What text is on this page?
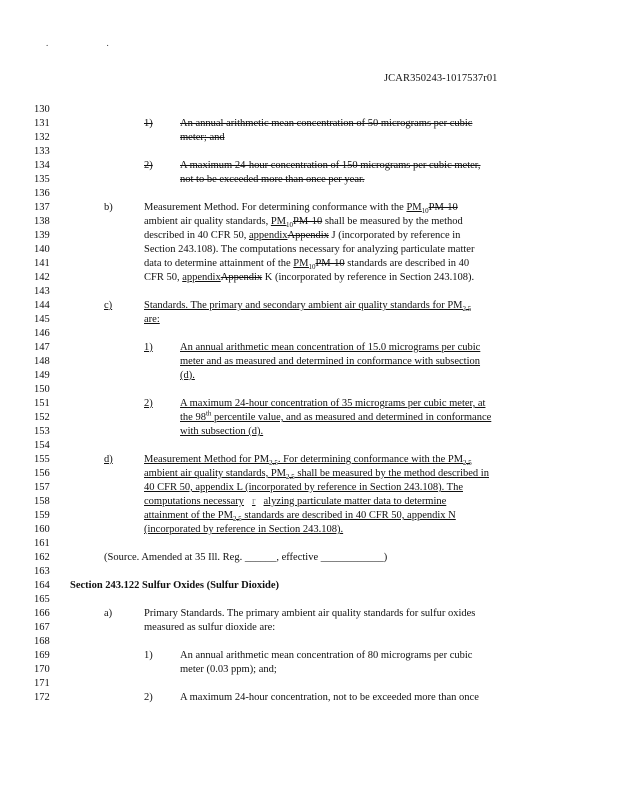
. .
JCAR350243-1017537r01
130
131
132
133
134
135
136
137
138
139
140
141
142
143
144
145
146
147
148
149
150
151
152
153
154
155
156
157
158
159
160
161
162
163
164
165
166
167
168
169
170
171
172
1)	An annual arithmetic mean concentration of 50 micrograms per cubic
meter; and
2)	A maximum 24-hour concentration of 150 micrograms per cubic meter,
not to be exceeded more than once per year.
b)	Measurement Method. For determining conformance with the $PM_{10}PM-10$
ambient air quality standards, $PM_{10}PM-10$ shall be measured by the method
described in 40 CFR 50, appendixAppendix J (incorporated by reference in
Section 243.108). The computations necessary for analyzing particulate matter
data to determine attainment of the $PM_{10}PM-10$ standards are described in 40
CFR 50, appendixAppendix K (incorporated by reference in Section 243.108).
c)	Standards. The primary and secondary ambient air quality standards for $PM_{2.5}$
are:
1)	An annual arithmetic mean concentration of 15.0 micrograms per cubic
meter and as measured and determined in conformance with subsection
(d).
2)	A maximum 24-hour concentration of 35 micrograms per cubic meter, at
the 98th percentile value, and as measured and determined in conformance
with subsection (d).
d)	Measurement Method for $PM_{2.5}$. For determining conformance with the $PM_{2.5}$
ambient air quality standards, $PM_{2.5}$ shall be measured by the method described in
40 CFR 50, appendix L (incorporated by reference in Section 243.108). The
computations necessary r alyzing particulate matter data to determine
attainment of the $PM_{2.5}$ standards are described in 40 CFR 50, appendix N
(incorporated by reference in Section 243.108).
(Source. Amended at 35 Ill. Reg. ______, effective ____________)
Section 243.122 Sulfur Oxides (Sulfur Dioxide)
a)	Primary Standards. The primary ambient air quality standards for sulfur oxides
measured as sulfur dioxide are:
1)	An annual arithmetic mean concentration of 80 micrograms per cubic
meter (0.03 ppm); and;
2)	A maximum 24-hour concentration, not to be exceeded more than once
